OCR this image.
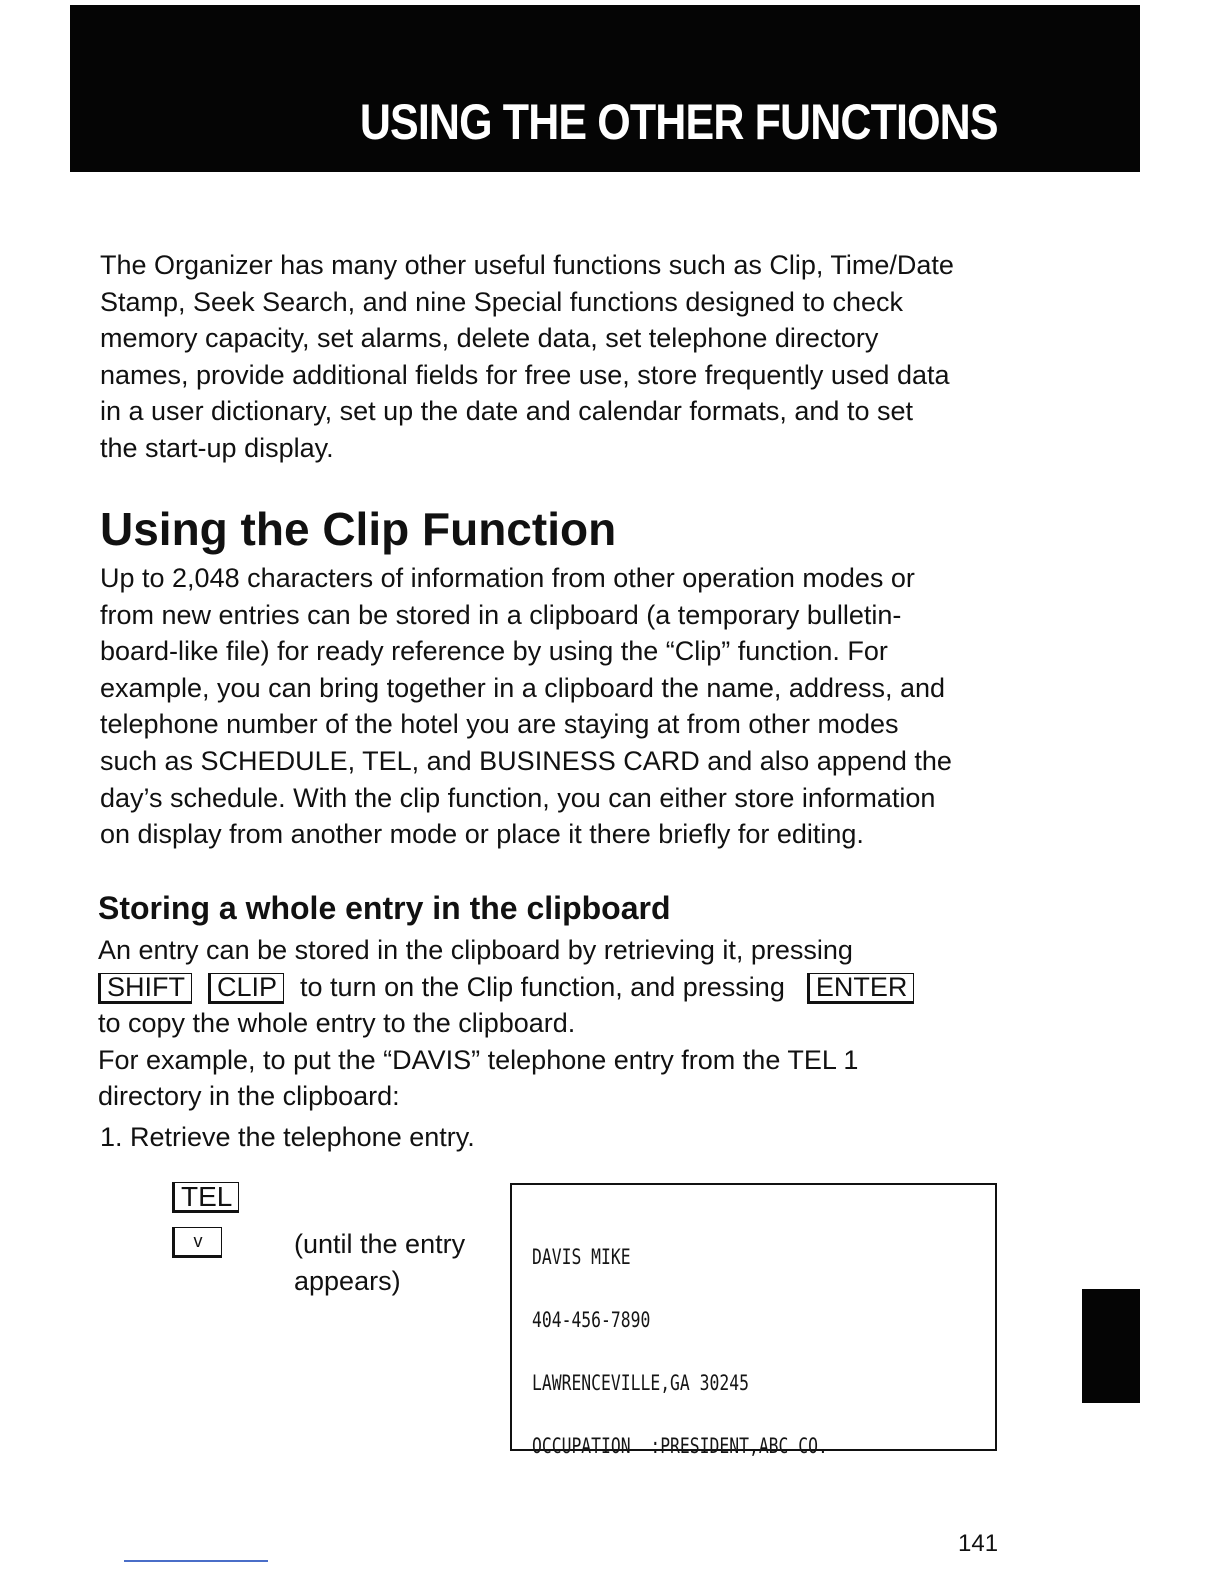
USING THE OTHER FUNCTIONS

The Organizer has many other useful functions such as Clip, Time/Date
Stamp, Seek Search, and nine Special functions designed to check
memory capacity, set alarms, delete data, set telephone directory
names, provide additional fields for free use, store frequently used data
in a user dictionary, set up the date and calendar formats, and to set
the start-up display.

Using the Clip Function

Up to 2,048 characters of information from other operation modes or
from new entries can be stored in a clipboard (a temporary bulletin-
board-like file) for ready reference by using the “Clip” function. For
example, you can bring together in a clipboard the name, address, and
telephone number of the hotel you are staying at from other modes
such as SCHEDULE, TEL, and BUSINESS CARD and also append the
day’s schedule. With the clip function, you can either store information
on display from another mode or place it there briefly for editing.

Storing a whole entry in the clipboard

An entry can be stored in the clipboard by retrieving it, pressing
SHIFT CLIP to turn on the Clip function, and pressing ENTER
to copy the whole entry to the clipboard.
For example, to put the “DAVIS” telephone entry from the TEL 1
directory in the clipboard:

1. Retrieve the telephone entry.

TEL
v	(until the entry
appears)

DAVIS MIKE

404-456-7890

LAWRENCEVILLE,GA 30245

OCCUPATION  :PRESIDENT,ABC CO.

141
